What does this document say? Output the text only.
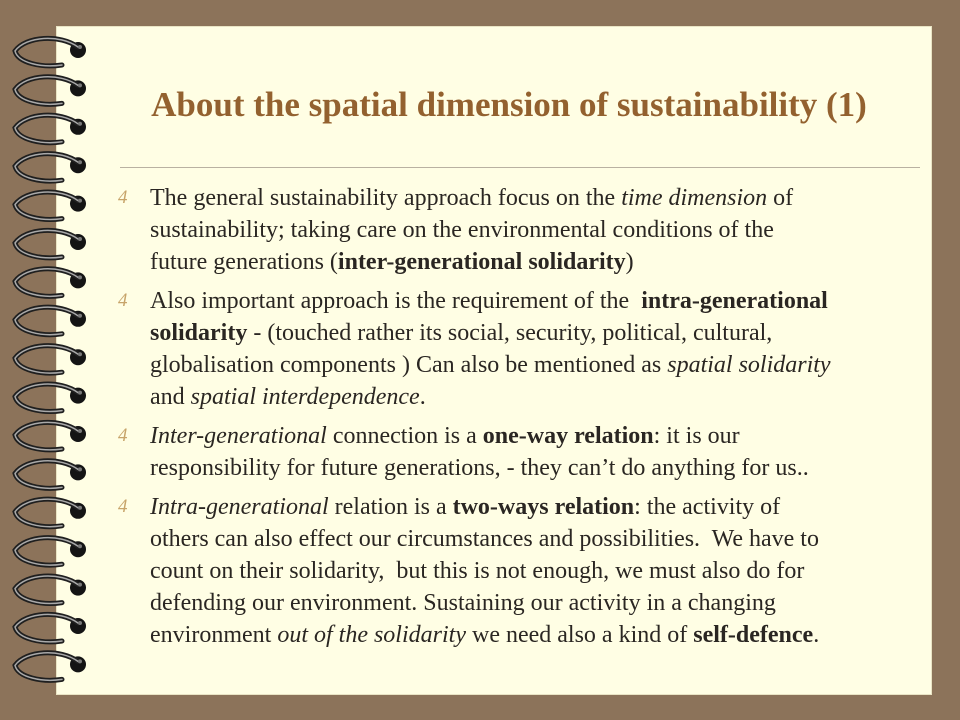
About the spatial dimension of sustainability (1)
4 The general sustainability approach focus on the time dimension of
sustainability; taking care on the environmental conditions of the
future generations (inter-generational solidarity)
4 Also important approach is the requirement of the  intra-generational
solidarity - (touched rather its social, security, political, cultural,
globalisation components ) Can also be mentioned as spatial solidarity
and spatial interdependence.
4 Inter-generational connection is a one-way relation: it is our
responsibility for future generations, - they can’t do anything for us..
4 Intra-generational relation is a two-ways relation: the activity of
others can also effect our circumstances and possibilities.  We have to
count on their solidarity,  but this is not enough, we must also do for
defending our environment. Sustaining our activity in a changing
environment out of the solidarity we need also a kind of self-defence.
